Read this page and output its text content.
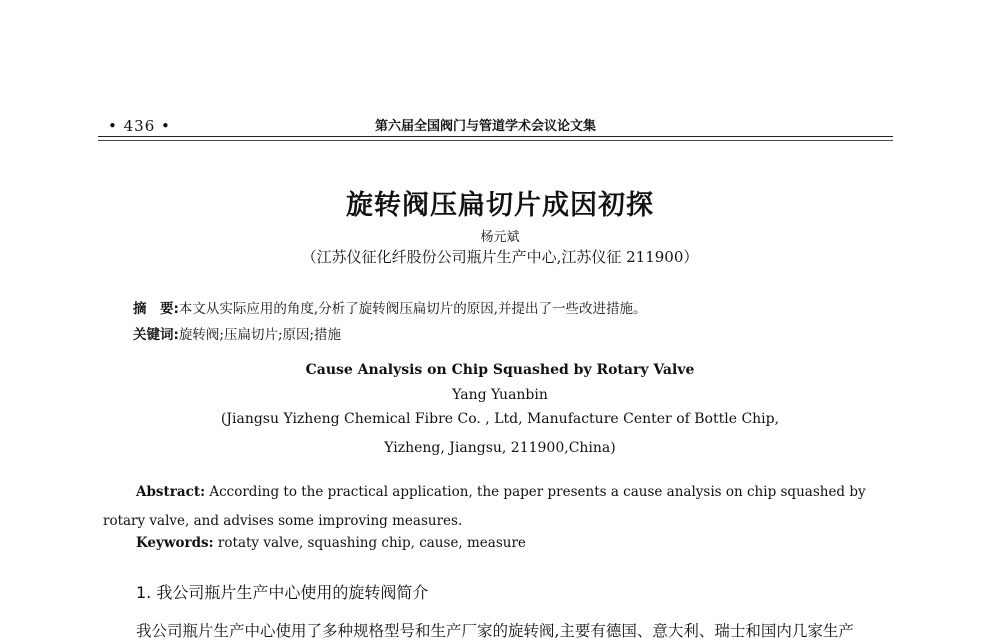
• 436 •	第六届全国阀门与管道学术会议论文集
旋转阀压扁切片成因初探
杨元斌
（江苏仪征化纤股份公司瓶片生产中心,江苏仪征 211900）
摘　要:本文从实际应用的角度,分析了旋转阀压扁切片的原因,并提出了一些改进措施。
关键词:旋转阀;压扁切片;原因;措施
Cause Analysis on Chip Squashed by Rotary Valve
Yang Yuanbin
(Jiangsu Yizheng Chemical Fibre Co. , Ltd, Manufacture Center of Bottle Chip,
Yizheng, Jiangsu, 211900,China)
Abstract: According to the practical application, the paper presents a cause analysis on chip squashed by rotary valve, and advises some improving measures.
Keywords: rotaty valve, squashing chip, cause, measure
1. 我公司瓶片生产中心使用的旋转阀简介
我公司瓶片生产中心使用了多种规格型号和生产厂家的旋转阀,主要有德国、意大利、瑞士和国内几家生产
